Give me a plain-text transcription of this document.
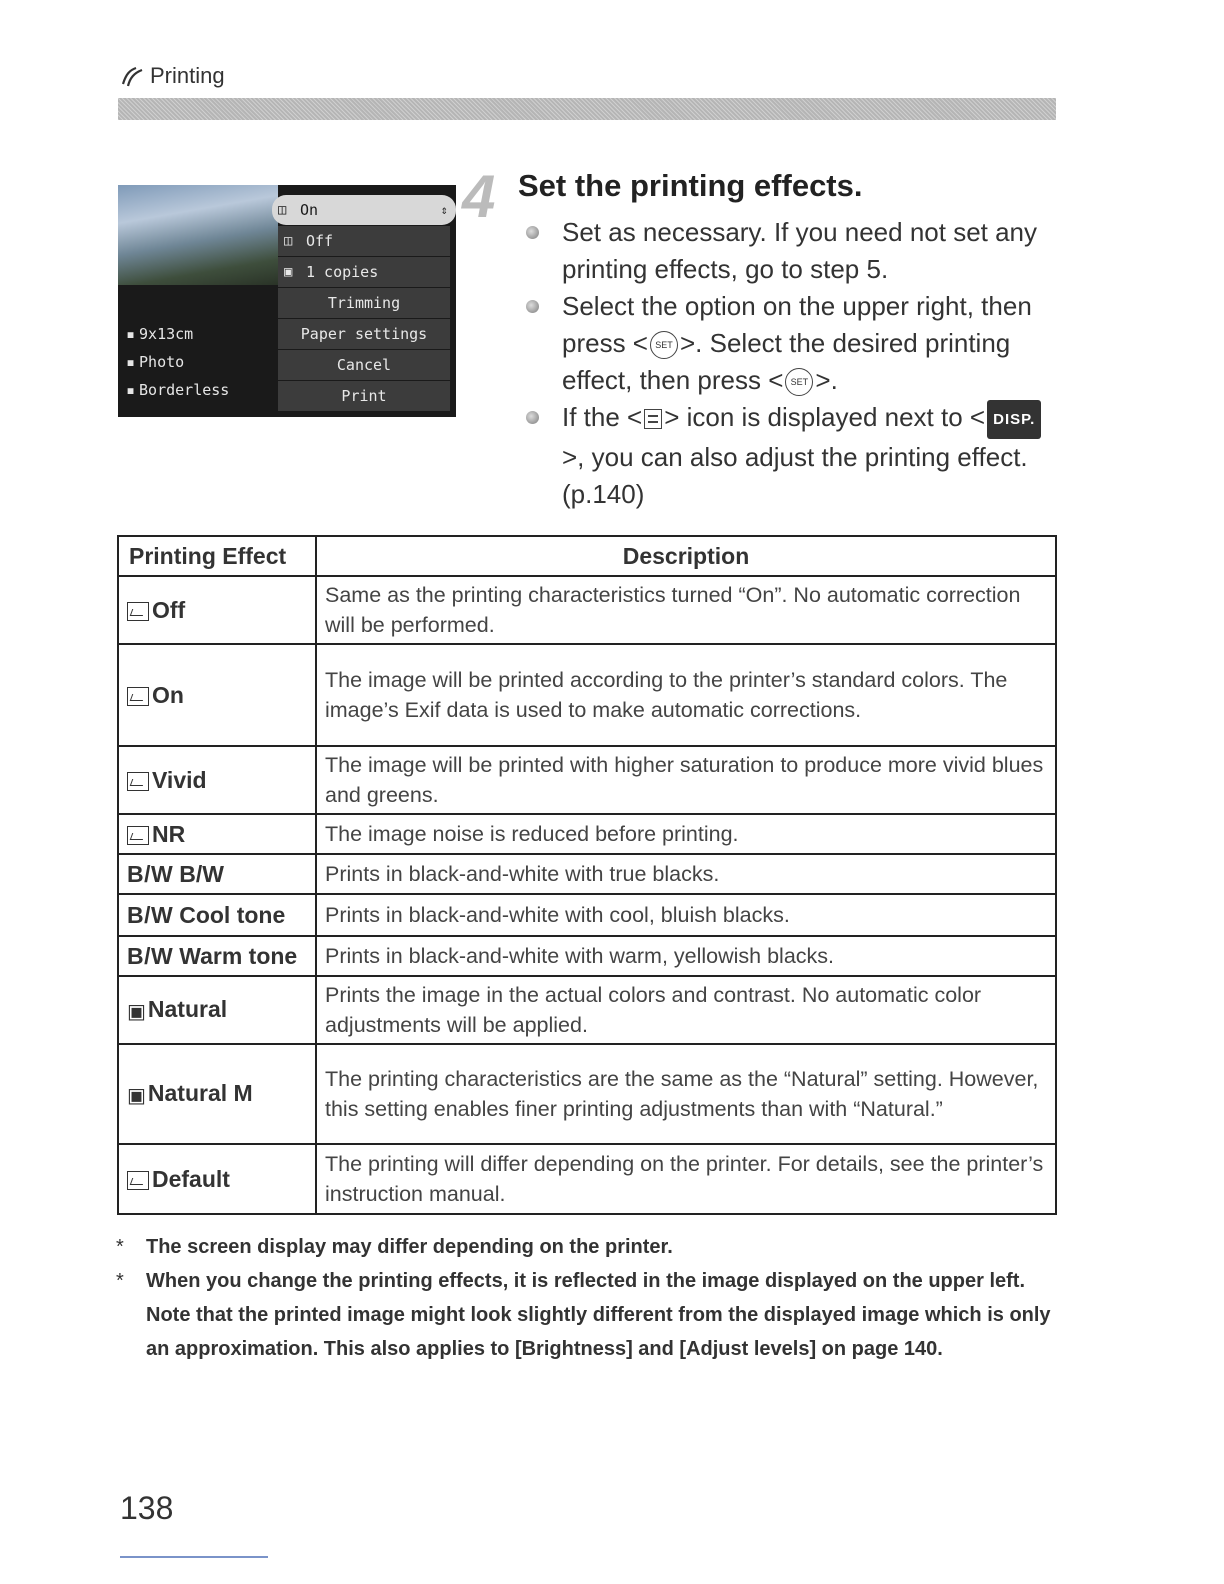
Printing
▪ 9x13cm
▪ Photo
▪ Borderless
◫ On	⇕
◫ Off
▣ 1 copies
Trimming
Paper settings
Cancel
Print
4 Set the printing effects.
Set as necessary. If you need not set any printing effects, go to step 5.
Select the option on the upper right, then press < SET >. Select the desired printing effect, then press < SET >.
If the < > icon is displayed next to < DISP.>, you can also adjust the printing effect. (p.140)
Printing Effect	Description
Off	Same as the printing characteristics turned “On”. No automatic correction will be performed.
On	The image will be printed according to the printer’s standard colors. The image’s Exif data is used to make automatic corrections.
Vivid	The image will be printed with higher saturation to produce more vivid blues and greens.
NR	The image noise is reduced before printing.
B/W B/W	Prints in black-and-white with true blacks.
B/W Cool tone	Prints in black-and-white with cool, bluish blacks.
B/W Warm tone	Prints in black-and-white with warm, yellowish blacks.
▣Natural	Prints the image in the actual colors and contrast. No automatic color adjustments will be applied.
▣Natural M	The printing characteristics are the same as the “Natural” setting. However, this setting enables finer printing adjustments than with “Natural.”
Default	The printing will differ depending on the printer. For details, see the printer’s instruction manual.
* The screen display may differ depending on the printer.
* When you change the printing effects, it is reflected in the image displayed on the upper left. Note that the printed image might look slightly different from the displayed image which is only an approximation. This also applies to [Brightness] and [Adjust levels] on page 140.
138
